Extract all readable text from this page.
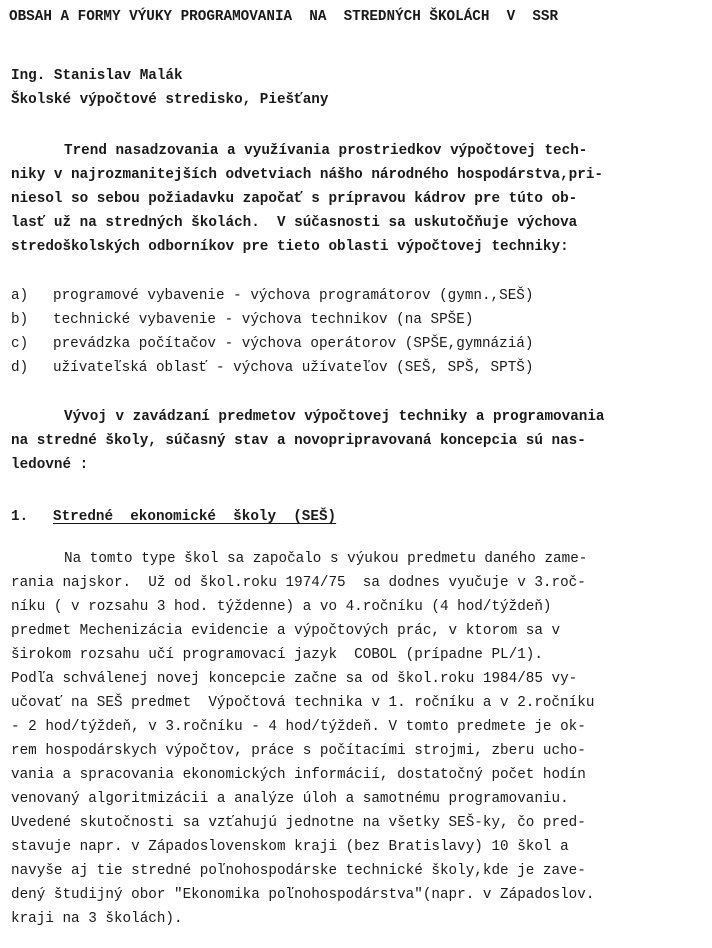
OBSAH A FORMY VÝUKY PROGRAMOVANIA  NA  STREDNÝCH ŠKOLÁCH  V  SSR
Ing. Stanislav Malák
Školské výpočtové stredisko, Piešťany
Trend nasadzovania a využívania prostriedkov výpočtovej tech-
niky v najrozmanitejších odvetviach nášho národného hospodárstva,pri-
niesol so sebou požiadavku započať s prípravou kádrov pre túto ob-
lasť už na stredných školách.  V súčasnosti sa uskutočňuje výchova
stredoškolských odborníkov pre tieto oblasti výpočtovej techniky:
a) programové vybavenie - výchova programátorov (gymn.,SEŠ)
b) technické vybavenie - výchova technikov (na SPŠE)
c) prevádzka počítačov - výchova operátorov (SPŠE,gymnáziá)
d) užívateľská oblasť - výchova užívateľov (SEŠ, SPŠ, SPTŠ)
Vývoj v zavádzaní predmetov výpočtovej techniky a programovania
na stredné školy, súčasný stav a novopripravovaná koncepcia sú nas-
ledovné :
1. Stredné  ekonomické  školy  (SEŠ)
Na tomto type škol sa započalo s výukou predmetu daného zame-
rania najskor.  Už od škol.roku 1974/75  sa dodnes vyučuje v 3.roč-
níku ( v rozsahu 3 hod. týždenne) a vo 4.ročníku (4 hod/týždeň)
predmet Mechenizácia evidencie a výpočtových prác, v ktorom sa v
širokom rozsahu učí programovací jazyk  COBOL (prípadne PL/1).
Podľa schválenej novej koncepcie začne sa od škol.roku 1984/85 vy-
učovať na SEŠ predmet  Výpočtová technika v 1. ročníku a v 2.ročníku
- 2 hod/týždeň, v 3.ročníku - 4 hod/týždeň. V tomto predmete je ok-
rem hospodárskych výpočtov, práce s počítacími strojmi, zberu ucho-
vania a spracovania ekonomických informácií, dostatočný počet hodín
venovaný algoritmizácii a analýze úloh a samotnému programovaniu.
Uvedené skutočnosti sa vzťahujú jednotne na všetky SEŠ-ky, čo pred-
stavuje napr. v Západoslovenskom kraji (bez Bratislavy) 10 škol a
navyše aj tie stredné poľnohospodárske technické školy,kde je zave-
dený študijný obor "Ekonomika poľnohospodárstva"(napr. v Západoslov.
kraji na 3 školách).
